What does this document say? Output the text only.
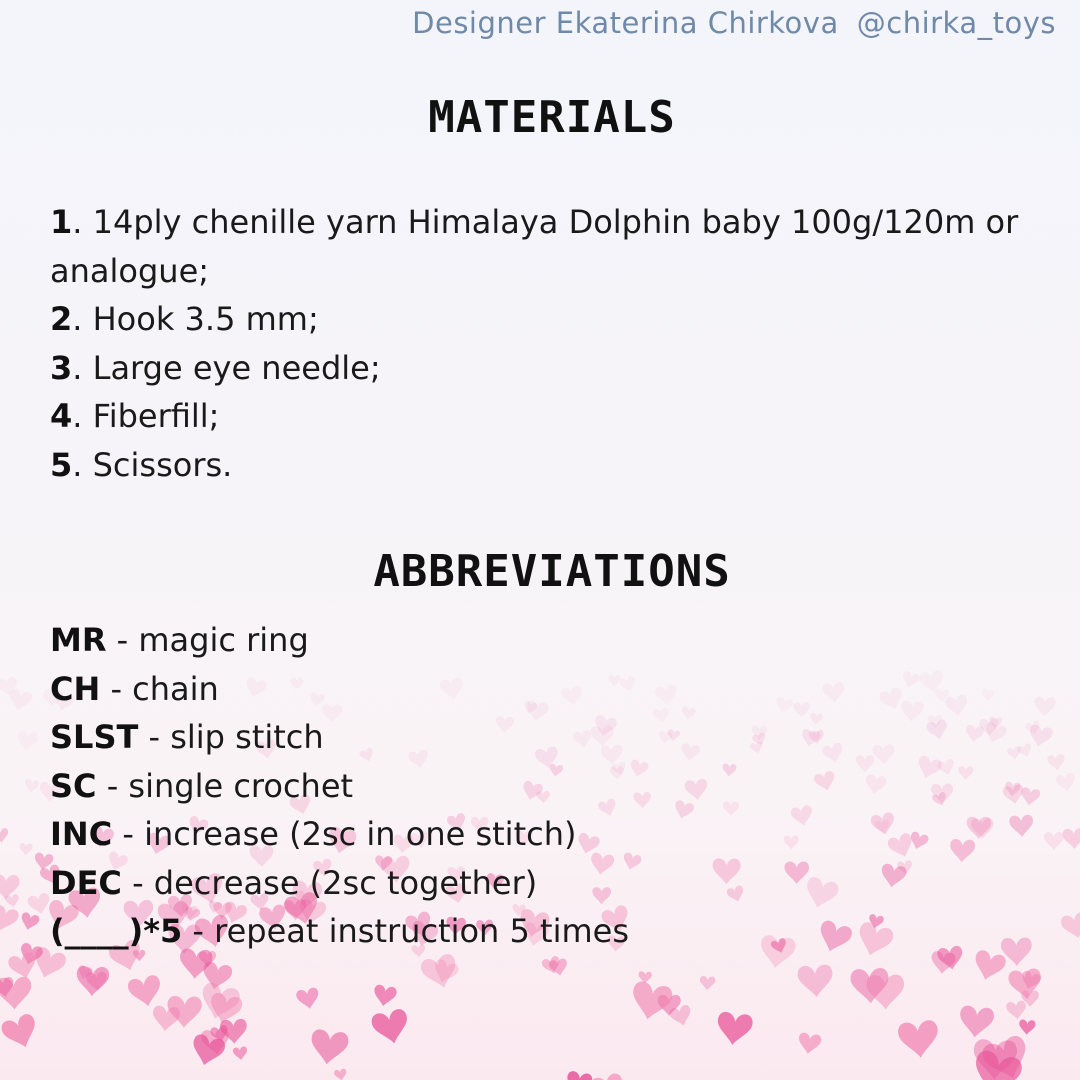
Designer Ekaterina Chirkova @chirka_toys
MATERIALS
1. 14ply chenille yarn Himalaya Dolphin baby 100g/120m or analogue;
2. Hook 3.5 mm;
3. Large eye needle;
4. Fiberfill;
5. Scissors.
ABBREVIATIONS
MR - magic ring
CH - chain
SLST - slip stitch
SC - single crochet
INC - increase (2sc in one stitch)
DEC - decrease (2sc together)
(____)*5 - repeat instruction 5 times
